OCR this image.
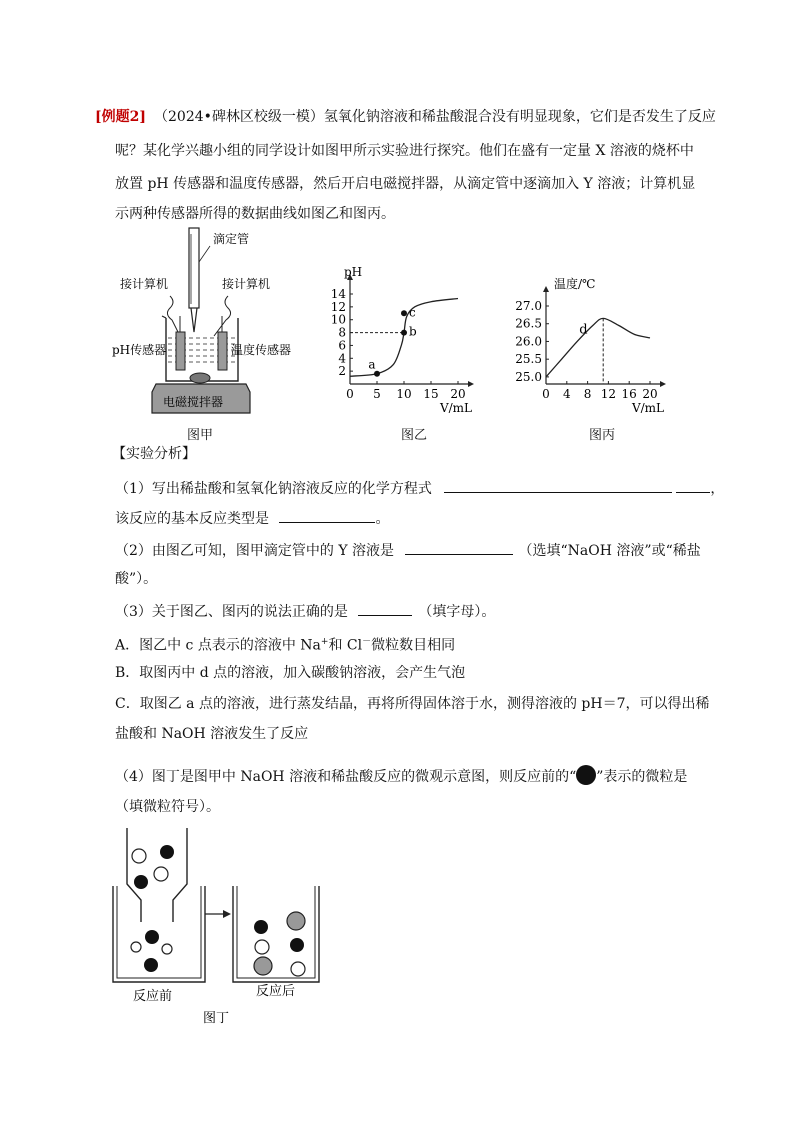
[例题2] （2024•碑林区校级一模）氢氧化钠溶液和稀盐酸混合没有明显现象，它们是否发生了反应
呢？某化学兴趣小组的同学设计如图甲所示实验进行探究。他们在盛有一定量 X 溶液的烧杯中
放置 pH 传感器和温度传感器，然后开启电磁搅拌器，从滴定管中逐滴加入 Y 溶液；计算机显
示两种传感器所得的数据曲线如图乙和图丙。
滴定管
接计算机	接计算机
电磁搅拌器
pH传感器	温度传感器
图甲
0 5 10 15 20
2
4
6
8
10
12
14
pH
V/mL
a
b
c
图乙
0 4 8 12 16 20
25.0
25.5
26.0
26.5
27.0
温度/℃
V/mL
d
图丙
【实验分析】
（1）写出稀盐酸和氢氧化钠溶液反应的化学方程式	，
该反应的基本反应类型是	。
（2）由图乙可知，图甲滴定管中的 Y 溶液是	（选填“NaOH 溶液”或“稀盐
酸”）。
（3）关于图乙、图丙的说法正确的是	（填字母）。
A．图乙中 c 点表示的溶液中 Na+和 Cl－微粒数目相同
B．取图丙中 d 点的溶液，加入碳酸钠溶液，会产生气泡
C．取图乙 a 点的溶液，进行蒸发结晶，再将所得固体溶于水，测得溶液的 pH＝7，可以得出稀
盐酸和 NaOH 溶液发生了反应
（4）图丁是图甲中 NaOH 溶液和稀盐酸反应的微观示意图，则反应前的“ ”表示的微粒是
（填微粒符号）。
反应前	反应后
图丁
